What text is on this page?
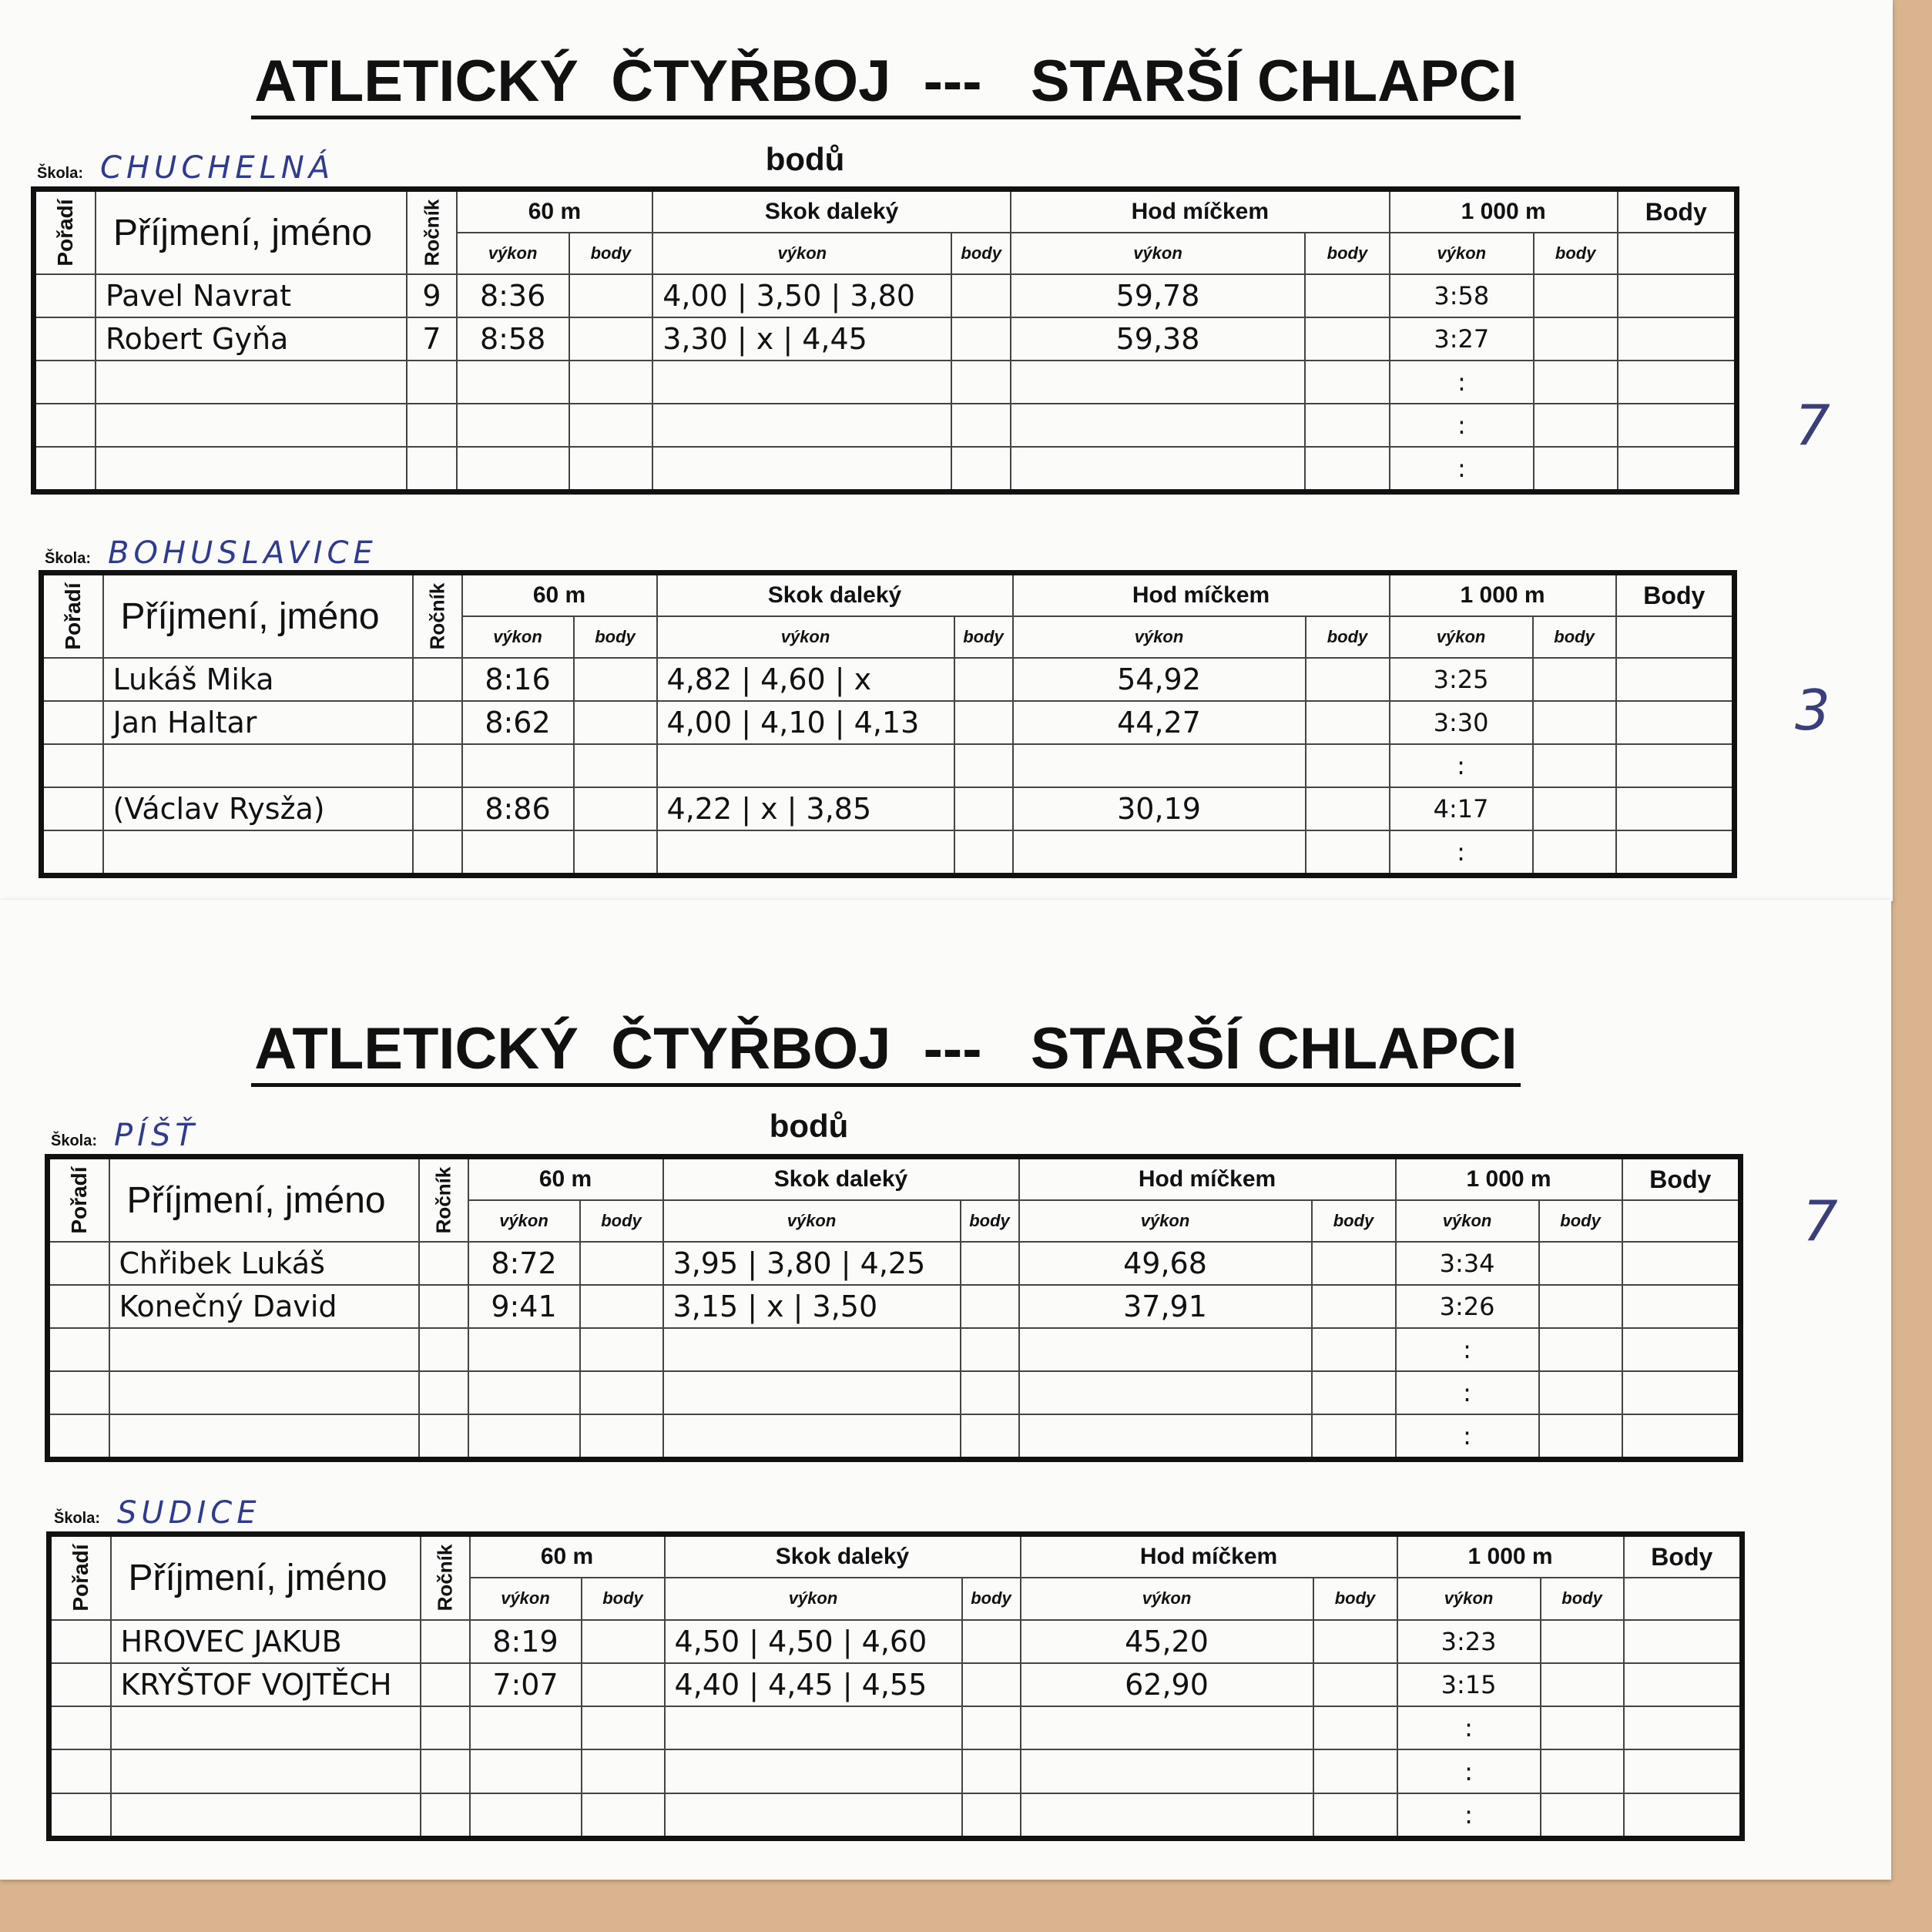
ATLETICKÝ  ČTYŘBOJ  ---   STARŠÍ CHLAPCI
bodů
Škola: CHUCHELNÁ
Pořadí	Příjmení, jméno	Ročník	60 m		Skok daleký		Hod míčkem		1 000 m		Body
			výkon	body	výkon	body	výkon	body	výkon	body	
	Pavel Navrat	9	8:36		4,00 | 3,50 | 3,80		59,78		3:58		
	Robert Gyňa	7	8:58		3,30 | x | 4,45		59,38		3:27		
									:		
									:		
									:		
7
Škola: BOHUSLAVICE
Pořadí	Příjmení, jméno	Ročník	60 m		Skok daleký		Hod míčkem		1 000 m		Body
			výkon	body	výkon	body	výkon	body	výkon	body	
	Lukáš Mika		8:16		4,82 | 4,60 | x		54,92		3:25		
	Jan Haltar		8:62		4,00 | 4,10 | 4,13		44,27		3:30		
									:		
	(Václav Rysža)		8:86		4,22 | x | 3,85		30,19		4:17		
									:		
3
ATLETICKÝ  ČTYŘBOJ  ---   STARŠÍ CHLAPCI
bodů
Škola: PÍŠŤ
Pořadí	Příjmení, jméno	Ročník	60 m		Skok daleký		Hod míčkem		1 000 m		Body
			výkon	body	výkon	body	výkon	body	výkon	body	
	Chřibek Lukáš		8:72		3,95 | 3,80 | 4,25		49,68		3:34		
	Konečný David		9:41		3,15 | x | 3,50		37,91		3:26		
									:		
									:		
									:		
7
Škola: SUDICE
Pořadí	Příjmení, jméno	Ročník	60 m		Skok daleký		Hod míčkem		1 000 m		Body
			výkon	body	výkon	body	výkon	body	výkon	body	
	HROVEC JAKUB		8:19		4,50 | 4,50 | 4,60		45,20		3:23		
	KRYŠTOF VOJTĚCH		7:07		4,40 | 4,45 | 4,55		62,90		3:15		
									:		
									:		
									:		
